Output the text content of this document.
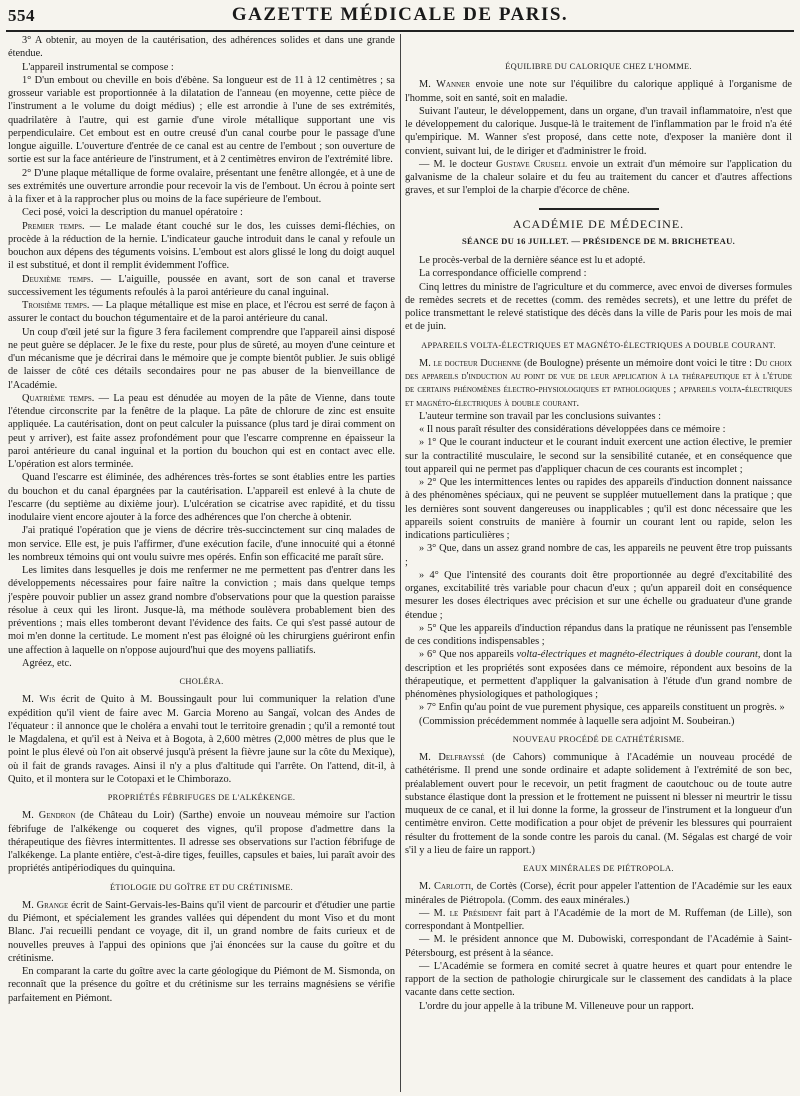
554	GAZETTE MÉDICALE DE PARIS.

3° A obtenir, au moyen de la cautérisation, des adhérences solides et dans une grande étendue.

L'appareil instrumental se compose :

1° D'un embout ou cheville en bois d'ébène. Sa longueur est de 11 à 12 centimètres ; sa grosseur variable est proportionnée à la dilatation de l'anneau (en moyenne, cette pièce de l'instrument a le volume du doigt médius) ; elle est arrondie à l'une de ses extrémités, quadrilatère à l'autre, qui est garnie d'une virole métallique supportant une vis perpendiculaire. Cet embout est en outre creusé d'un canal courbe pour le passage d'une longue aiguille. L'ouverture d'entrée de ce canal est au centre de l'embout ; son ouverture de sortie est sur la face antérieure de l'instrument, et à 2 centimètres environ de l'extrémité libre.

2° D'une plaque métallique de forme ovalaire, présentant une fenêtre allongée, et à une de ses extrémités une ouverture arrondie pour recevoir la vis de l'embout. Un écrou à pointe sert à la fixer et à la rapprocher plus ou moins de la face supérieure de l'embout.

Ceci posé, voici la description du manuel opératoire :

Premier temps. — Le malade étant couché sur le dos, les cuisses demi-fléchies, on procède à la réduction de la hernie. L'indicateur gauche introduit dans le canal y refoule un bouchon aux dépens des téguments voisins. L'embout est alors glissé le long du doigt auquel il est substitué, et dont il remplit évidemment l'office.

Deuxième temps. — L'aiguille, poussée en avant, sort de son canal et traverse successivement les téguments refoulés à la paroi antérieure du canal inguinal.

Troisième temps. — La plaque métallique est mise en place, et l'écrou est serré de façon à assurer le contact du bouchon tégumentaire et de la paroi antérieure du canal.

Un coup d'œil jeté sur la figure 3 fera facilement comprendre que l'appareil ainsi disposé ne peut guère se déplacer. Je le fixe du reste, pour plus de sûreté, au moyen d'une ceinture et d'un mécanisme que je décrirai dans le mémoire que je compte bientôt publier. Je suis obligé de laisser de côté ces détails secondaires pour ne pas abuser de la bienveillance de l'Académie.

Quatrième temps. — La peau est dénudée au moyen de la pâte de Vienne, dans toute l'étendue circonscrite par la fenêtre de la plaque. La pâte de chlorure de zinc est ensuite appliquée. La cautérisation, dont on peut calculer la puissance (plus tard je dirai comment on peut y arriver), est faite assez profondément pour que l'escarre comprenne en épaisseur la paroi antérieure du canal inguinal et la portion du bouchon qui est en contact avec elle. L'opération est alors terminée.

Quand l'escarre est éliminée, des adhérences très-fortes se sont établies entre les parties du bouchon et du canal épargnées par la cautérisation. L'appareil est enlevé à la chute de l'escarre (du septième au dixième jour). L'ulcération se cicatrise avec rapidité, et du tissu inodulaire vient encore ajouter à la force des adhérences que l'on cherche à obtenir.

J'ai pratiqué l'opération que je viens de décrire très-succinctement sur cinq malades de mon service. Elle est, je puis l'affirmer, d'une exécution facile, d'une innocuité qui a étonné les nombreux témoins qui ont voulu suivre mes opérés. Enfin son efficacité me paraît sûre.

Les limites dans lesquelles je dois me renfermer ne me permettent pas d'entrer dans les développements nécessaires pour faire naître la conviction ; mais dans quelque temps j'espère pouvoir publier un assez grand nombre d'observations pour que la question paraisse résolue à ceux qui les liront. Jusque-là, ma méthode soulèvera probablement bien des préventions ; mais elles tomberont devant l'évidence des faits. Ce qui s'est passé autour de moi m'en donne la certitude. Le moment n'est pas éloigné où les chirurgiens guériront enfin une affection à laquelle on n'oppose aujourd'hui que des moyens palliatifs.

Agréez, etc.

CHOLÉRA.

M. Wis écrit de Quito à M. Boussingault pour lui communiquer la relation d'une expédition qu'il vient de faire avec M. Garcia Moreno au Sangaï, volcan des Andes de l'équateur : il annonce que le choléra a envahi tout le territoire grenadin ; qu'il a remonté tout le Magdalena, et qu'il est à Neiva et à Bogota, à 2,600 mètres (2,000 mètres de plus que le point le plus élevé où l'on ait observé jusqu'à présent la fièvre jaune sur la côte du Mexique), où il fait de grands ravages. Ainsi il n'y a plus d'altitude qui l'arrête. On l'attend, dit-il, à Quito, et il montera sur le Cotopaxi et le Chimborazo.

PROPRIÉTÉS FÉBRIFUGES DE L'ALKÉKENGE.

M. Gendron (de Château du Loir) (Sarthe) envoie un nouveau mémoire sur l'action fébrifuge de l'alkékenge ou coqueret des vignes, qu'il propose d'admettre dans la thérapeutique des fièvres intermittentes. Il adresse ses observations sur l'action fébrifuge de l'alkékenge. La plante entière, c'est-à-dire tiges, feuilles, capsules et baies, lui paraît avoir des propriétés antipériodiques du quinquina.

ÉTIOLOGIE DU GOÎTRE ET DU CRÉTINISME.

M. Grange écrit de Saint-Gervais-les-Bains qu'il vient de parcourir et d'étudier une partie du Piémont, et spécialement les grandes vallées qui dépendent du mont Viso et du mont Blanc. J'ai recueilli pendant ce voyage, dit il, un grand nombre de faits curieux et de nouvelles preuves à l'appui des opinions que j'ai énoncées sur la cause du goître et du crétinisme.

En comparant la carte du goître avec la carte géologique du Piémont de M. Sismonda, on reconnaît que la présence du goître et du crétinisme sur les terrains magnésiens se vérifie parfaitement en Piémont.

ÉQUILIBRE DU CALORIQUE CHEZ L'HOMME.

M. Wanner envoie une note sur l'équilibre du calorique appliqué à l'organisme de l'homme, soit en santé, soit en maladie.

Suivant l'auteur, le développement, dans un organe, d'un travail inflammatoire, n'est que le développement du calorique. Jusque-là le traitement de l'inflammation par le froid n'a été qu'empirique. M. Wanner s'est proposé, dans cette note, d'exposer la manière dont il convient, suivant lui, de le diriger et d'administrer le froid.

— M. le docteur Gustave Crusell envoie un extrait d'un mémoire sur l'application du galvanisme de la chaleur solaire et du feu au traitement du cancer et d'autres affections graves, et sur l'emploi de la charpie d'écorce de chêne.

ACADÉMIE DE MÉDECINE.
SÉANCE DU 16 JUILLET. — PRÉSIDENCE DE M. BRICHETEAU.

Le procès-verbal de la dernière séance est lu et adopté.

La correspondance officielle comprend :

Cinq lettres du ministre de l'agriculture et du commerce, avec envoi de diverses formules de remèdes secrets et de recettes (comm. des remèdes secrets), et une lettre du préfet de police transmettant le relevé statistique des décès dans la ville de Paris pour les mois de mai et de juin.

APPAREILS VOLTA-ÉLECTRIQUES ET MAGNÉTO-ÉLECTRIQUES A DOUBLE COURANT.

M. le docteur Duchenne (de Boulogne) présente un mémoire dont voici le titre : Du choix des appareils d'induction au point de vue de leur application à la thérapeutique et à l'étude de certains phénomènes électro-physiologiques et pathologiques ; appareils volta-électriques et magnéto-électriques à double courant.

L'auteur termine son travail par les conclusions suivantes :

« Il nous paraît résulter des considérations développées dans ce mémoire :

» 1° Que le courant inducteur et le courant induit exercent une action élective, le premier sur la contractilité musculaire, le second sur la sensibilité cutanée, et en conséquence que tout appareil qui ne permet pas d'appliquer chacun de ces courants est incomplet ;

» 2° Que les intermittences lentes ou rapides des appareils d'induction donnent naissance à des phénomènes spéciaux, qui ne peuvent se suppléer mutuellement dans la pratique ; que les dernières sont souvent dangereuses ou inapplicables ; qu'il est donc nécessaire que les appareils soient construits de manière à fournir un courant lent ou rapide, selon les indications particulières ;

» 3° Que, dans un assez grand nombre de cas, les appareils ne peuvent être trop puissants ;

» 4° Que l'intensité des courants doit être proportionnée au degré d'excitabilité des organes, excitabilité très variable pour chacun d'eux ; qu'un appareil doit en conséquence mesurer les doses électriques avec précision et sur une échelle ou graduateur d'une grande étendue ;

» 5° Que les appareils d'induction répandus dans la pratique ne réunissent pas l'ensemble de ces conditions indispensables ;

» 6° Que nos appareils volta-électriques et magnéto-électriques à double courant, dont la description et les propriétés sont exposées dans ce mémoire, répondent aux besoins de la thérapeutique, et permettent d'appliquer la galvanisation à l'étude d'un grand nombre de phénomènes physiologiques et pathologiques ;

» 7° Enfin qu'au point de vue purement physique, ces appareils constituent un progrès. »

(Commission précédemment nommée à laquelle sera adjoint M. Soubeiran.)

NOUVEAU PROCÉDÉ DE CATHÉTÉRISME.

M. Delfrayssé (de Cahors) communique à l'Académie un nouveau procédé de cathétérisme. Il prend une sonde ordinaire et adapte solidement à l'extrémité de son bec, préalablement ouvert pour le recevoir, un petit fragment de caoutchouc ou de toute autre substance élastique dont la pression et le frottement ne puissent ni blesser ni meurtrir le tissu muqueux de ce canal, et il lui donne la forme, la grosseur de l'instrument et la longueur d'un centimètre environ. Cette modification a pour objet de prévenir les blessures qui pourraient résulter du frottement de la sonde contre les parois du canal. (M. Ségalas est chargé de voir s'il y a lieu de faire un rapport.)

EAUX MINÉRALES DE PIÉTROPOLA.

M. Carlotti, de Cortès (Corse), écrit pour appeler l'attention de l'Académie sur les eaux minérales de Piétropola. (Comm. des eaux minérales.)

— M. le Président fait part à l'Académie de la mort de M. Ruffeman (de Lille), son correspondant à Montpellier.

— M. le président annonce que M. Dubowiski, correspondant de l'Académie à Saint-Pétersbourg, est présent à la séance.

— L'Académie se formera en comité secret à quatre heures et quart pour entendre le rapport de la section de pathologie chirurgicale sur le classement des candidats à la place vacante dans cette section.

L'ordre du jour appelle à la tribune M. Villeneuve pour un rapport.
